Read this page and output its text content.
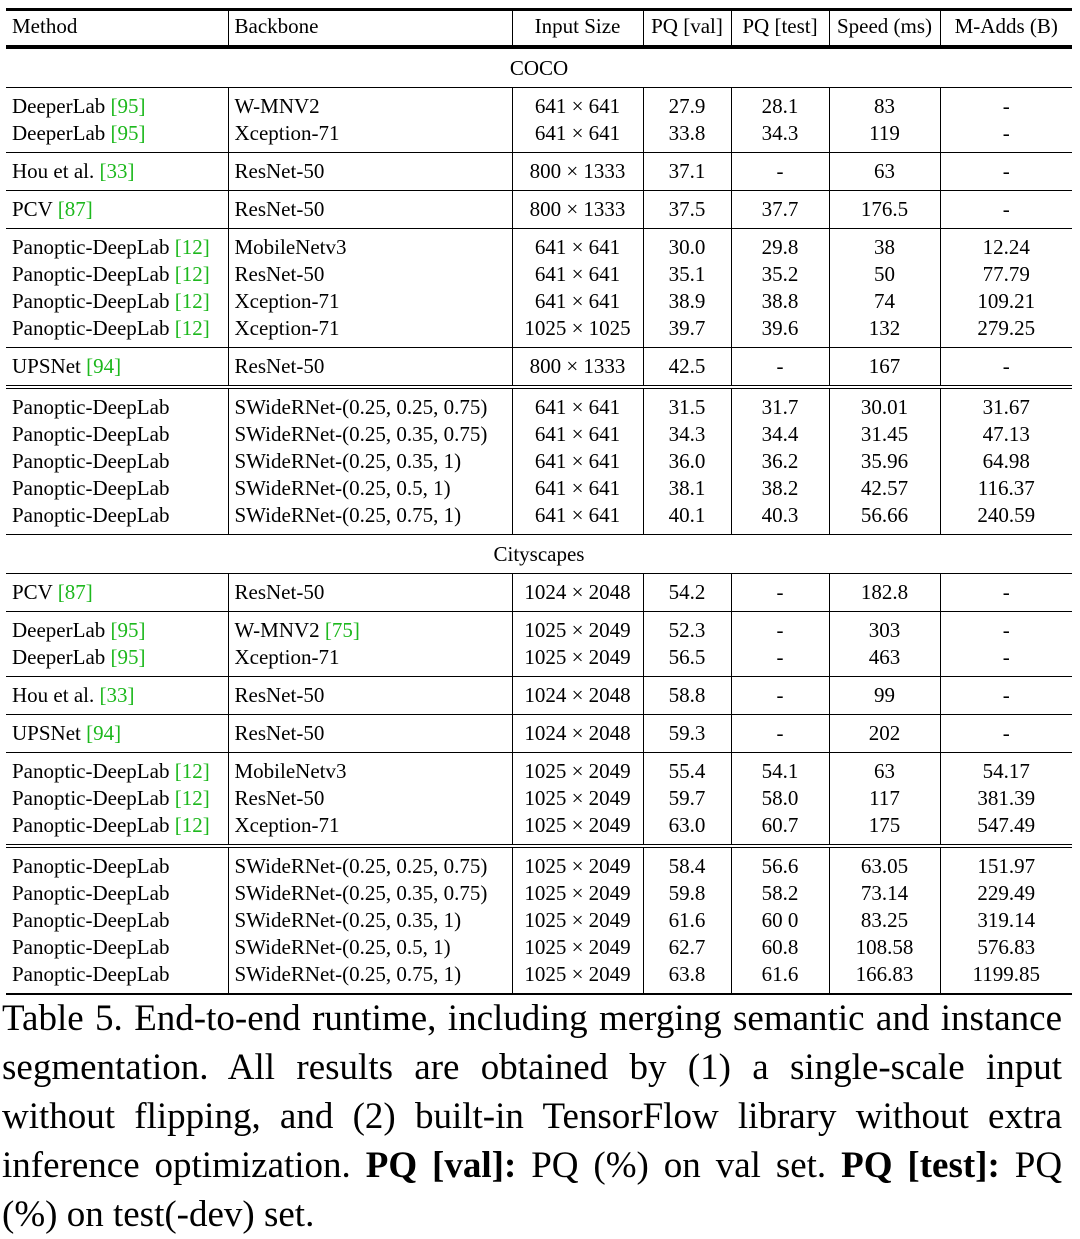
Method	Backbone	Input Size	PQ [val]	PQ [test]	Speed (ms)	M-Adds (B)
COCO						
DeeperLab [95]	W-MNV2	641 × 641	27.9	28.1	83	-
DeeperLab [95]	Xception-71	641 × 641	33.8	34.3	119	-
Hou et al. [33]	ResNet-50	800 × 1333	37.1	-	63	-
PCV [87]	ResNet-50	800 × 1333	37.5	37.7	176.5	-
Panoptic-DeepLab [12]	MobileNetv3	641 × 641	30.0	29.8	38	12.24
Panoptic-DeepLab [12]	ResNet-50	641 × 641	35.1	35.2	50	77.79
Panoptic-DeepLab [12]	Xception-71	641 × 641	38.9	38.8	74	109.21
Panoptic-DeepLab [12]	Xception-71	1025 × 1025	39.7	39.6	132	279.25
UPSNet [94]	ResNet-50	800 × 1333	42.5	-	167	-
Panoptic-DeepLab	SWideRNet-(0.25, 0.25, 0.75)	641 × 641	31.5	31.7	30.01	31.67
Panoptic-DeepLab	SWideRNet-(0.25, 0.35, 0.75)	641 × 641	34.3	34.4	31.45	47.13
Panoptic-DeepLab	SWideRNet-(0.25, 0.35, 1)	641 × 641	36.0	36.2	35.96	64.98
Panoptic-DeepLab	SWideRNet-(0.25, 0.5, 1)	641 × 641	38.1	38.2	42.57	116.37
Panoptic-DeepLab	SWideRNet-(0.25, 0.75, 1)	641 × 641	40.1	40.3	56.66	240.59
Cityscapes						
PCV [87]	ResNet-50	1024 × 2048	54.2	-	182.8	-
DeeperLab [95]	W-MNV2 [75]	1025 × 2049	52.3	-	303	-
DeeperLab [95]	Xception-71	1025 × 2049	56.5	-	463	-
Hou et al. [33]	ResNet-50	1024 × 2048	58.8	-	99	-
UPSNet [94]	ResNet-50	1024 × 2048	59.3	-	202	-
Panoptic-DeepLab [12]	MobileNetv3	1025 × 2049	55.4	54.1	63	54.17
Panoptic-DeepLab [12]	ResNet-50	1025 × 2049	59.7	58.0	117	381.39
Panoptic-DeepLab [12]	Xception-71	1025 × 2049	63.0	60.7	175	547.49
Panoptic-DeepLab	SWideRNet-(0.25, 0.25, 0.75)	1025 × 2049	58.4	56.6	63.05	151.97
Panoptic-DeepLab	SWideRNet-(0.25, 0.35, 0.75)	1025 × 2049	59.8	58.2	73.14	229.49
Panoptic-DeepLab	SWideRNet-(0.25, 0.35, 1)	1025 × 2049	61.6	60 0	83.25	319.14
Panoptic-DeepLab	SWideRNet-(0.25, 0.5, 1)	1025 × 2049	62.7	60.8	108.58	576.83
Panoptic-DeepLab	SWideRNet-(0.25, 0.75, 1)	1025 × 2049	63.8	61.6	166.83	1199.85
Table 5. End-to-end runtime, including merging semantic and instance segmentation. All results are obtained by (1) a single-scale input without flipping, and (2) built-in TensorFlow library without extra inference optimization. PQ [val]: PQ (%) on val set. PQ [test]: PQ (%) on test(-dev) set.
